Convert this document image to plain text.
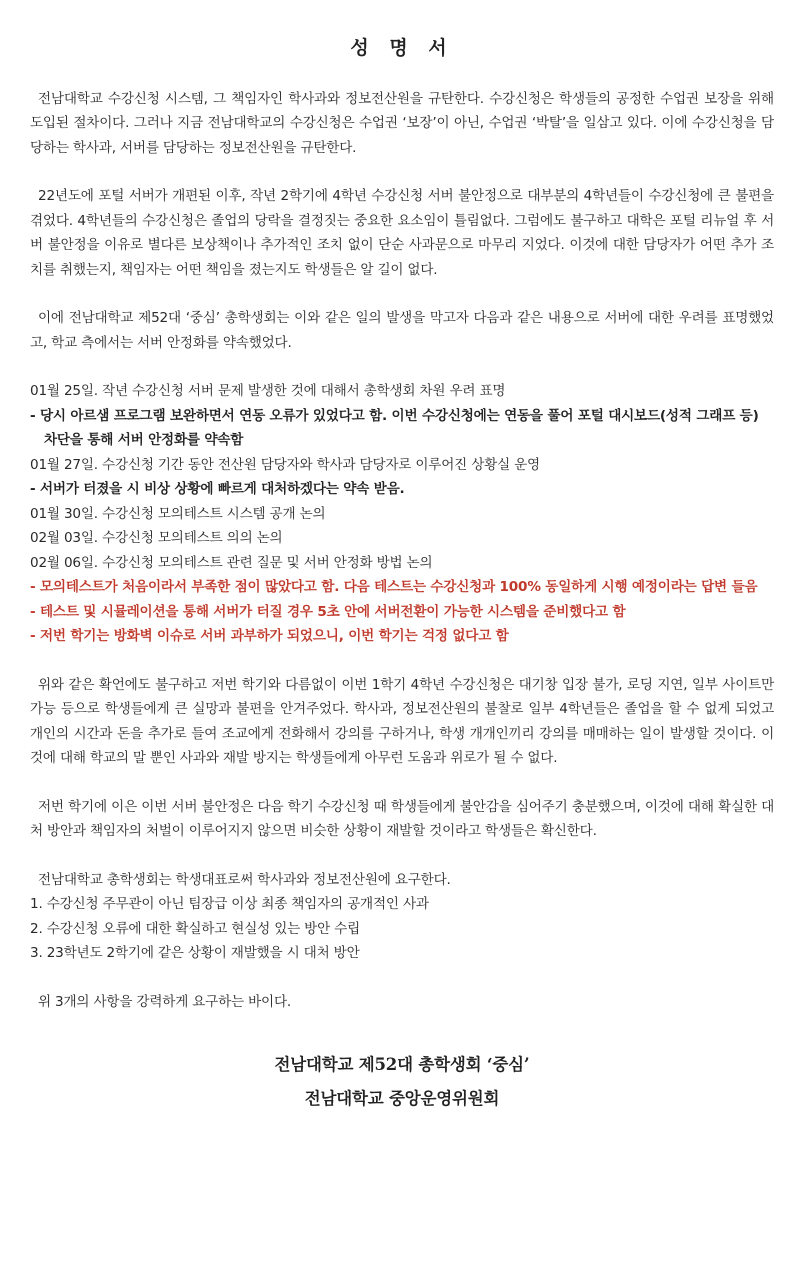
성 명 서

전남대학교 수강신청 시스템, 그 책임자인 학사과와 정보전산원을 규탄한다. 수강신청은 학생들의 공정한 수업권 보장을 위해 도입된 절차이다. 그러나 지금 전남대학교의 수강신청은 수업권 ‘보장’이 아닌, 수업권 ‘박탈’을 일삼고 있다. 이에 수강신청을 담당하는 학사과, 서버를 담당하는 정보전산원을 규탄한다.

22년도에 포털 서버가 개편된 이후, 작년 2학기에 4학년 수강신청 서버 불안정으로 대부분의 4학년들이 수강신청에 큰 불편을 겪었다. 4학년들의 수강신청은 졸업의 당락을 결정짓는 중요한 요소임이 틀림없다. 그럼에도 불구하고 대학은 포털 리뉴얼 후 서버 불안정을 이유로 별다른 보상책이나 추가적인 조치 없이 단순 사과문으로 마무리 지었다. 이것에 대한 담당자가 어떤 추가 조치를 취했는지, 책임자는 어떤 책임을 졌는지도 학생들은 알 길이 없다.

이에 전남대학교 제52대 ‘중심’ 총학생회는 이와 같은 일의 발생을 막고자 다음과 같은 내용으로 서버에 대한 우려를 표명했었고, 학교 측에서는 서버 안정화를 약속했었다.

01월 25일. 작년 수강신청 서버 문제 발생한 것에 대해서 총학생회 차원 우려 표명
- 당시 아르샘 프로그램 보완하면서 연동 오류가 있었다고 함. 이번 수강신청에는 연동을 풀어 포털 대시보드(성적 그래프 등) 차단을 통해 서버 안정화를 약속함
01월 27일. 수강신청 기간 동안 전산원 담당자와 학사과 담당자로 이루어진 상황실 운영
- 서버가 터졌을 시 비상 상황에 빠르게 대처하겠다는 약속 받음.
01월 30일. 수강신청 모의테스트 시스템 공개 논의
02월 03일. 수강신청 모의테스트 의의 논의
02월 06일. 수강신청 모의테스트 관련 질문 및 서버 안정화 방법 논의
- 모의테스트가 처음이라서 부족한 점이 많았다고 함. 다음 테스트는 수강신청과 100% 동일하게 시행 예정이라는 답변 들음
- 테스트 및 시뮬레이션을 통해 서버가 터질 경우 5초 안에 서버전환이 가능한 시스템을 준비했다고 함
- 저번 학기는 방화벽 이슈로 서버 과부하가 되었으니, 이번 학기는 걱정 없다고 함

위와 같은 확언에도 불구하고 저번 학기와 다름없이 이번 1학기 4학년 수강신청은 대기창 입장 불가, 로딩 지연, 일부 사이트만 가능 등으로 학생들에게 큰 실망과 불편을 안겨주었다. 학사과, 정보전산원의 불찰로 일부 4학년들은 졸업을 할 수 없게 되었고 개인의 시간과 돈을 추가로 들여 조교에게 전화해서 강의를 구하거나, 학생 개개인끼리 강의를 매매하는 일이 발생할 것이다. 이것에 대해 학교의 말 뿐인 사과와 재발 방지는 학생들에게 아무런 도움과 위로가 될 수 없다.

저번 학기에 이은 이번 서버 불안정은 다음 학기 수강신청 때 학생들에게 불안감을 심어주기 충분했으며, 이것에 대해 확실한 대처 방안과 책임자의 처벌이 이루어지지 않으면 비슷한 상황이 재발할 것이라고 학생들은 확신한다.

전남대학교 총학생회는 학생대표로써 학사과와 정보전산원에 요구한다.

1. 수강신청 주무관이 아닌 팀장급 이상 최종 책임자의 공개적인 사과
2. 수강신청 오류에 대한 확실하고 현실성 있는 방안 수립
3. 23학년도 2학기에 같은 상황이 재발했을 시 대처 방안

위 3개의 사항을 강력하게 요구하는 바이다.

전남대학교 제52대 총학생회 ‘중심’
전남대학교 중앙운영위원회
